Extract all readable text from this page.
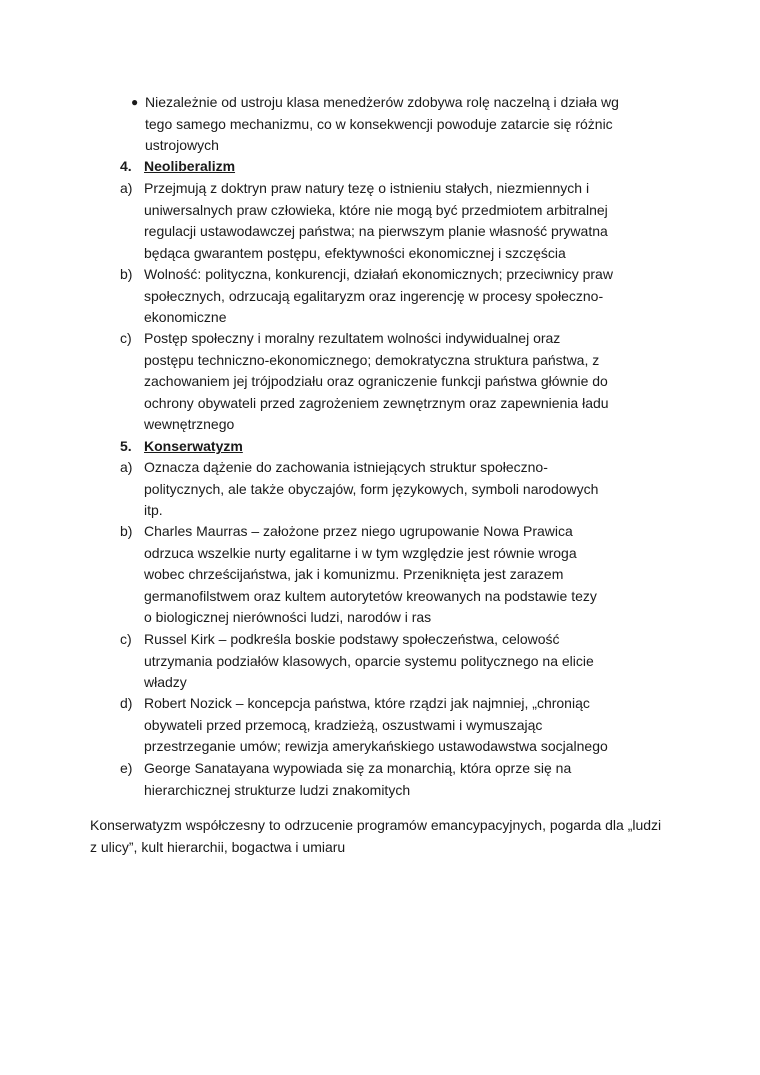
● Niezależnie od ustroju klasa menedżerów zdobywa rolę naczelną i działa wg
tego samego mechanizmu, co w konsekwencji powoduje zatarcie się różnic
ustrojowych
4. Neoliberalizm
a) Przejmują z doktryn praw natury tezę o istnieniu stałych, niezmiennych i
uniwersalnych praw człowieka, które nie mogą być przedmiotem arbitralnej
regulacji ustawodawczej państwa; na pierwszym planie własność prywatna
będąca gwarantem postępu, efektywności ekonomicznej i szczęścia
b) Wolność: polityczna, konkurencji, działań ekonomicznych; przeciwnicy praw
społecznych, odrzucają egalitaryzm oraz ingerencję w procesy społeczno-
ekonomiczne
c) Postęp społeczny i moralny rezultatem wolności indywidualnej oraz
postępu techniczno-ekonomicznego; demokratyczna struktura państwa, z
zachowaniem jej trójpodziału oraz ograniczenie funkcji państwa głównie do
ochrony obywateli przed zagrożeniem zewnętrznym oraz zapewnienia ładu
wewnętrznego
5. Konserwatyzm
a) Oznacza dążenie do zachowania istniejących struktur społeczno-
politycznych, ale także obyczajów, form językowych, symboli narodowych
itp.
b) Charles Maurras – założone przez niego ugrupowanie Nowa Prawica
odrzuca wszelkie nurty egalitarne i w tym względzie jest równie wroga
wobec chrześcijaństwa, jak i komunizmu. Przeniknięta jest zarazem
germanofilstwem oraz kultem autorytetów kreowanych na podstawie tezy
o biologicznej nierówności ludzi, narodów i ras
c) Russel Kirk – podkreśla boskie podstawy społeczeństwa, celowość
utrzymania podziałów klasowych, oparcie systemu politycznego na elicie
władzy
d) Robert Nozick – koncepcja państwa, które rządzi jak najmniej, „chroniąc
obywateli przed przemocą, kradzieżą, oszustwami i wymuszając
przestrzeganie umów; rewizja amerykańskiego ustawodawstwa socjalnego
e) George Sanatayana wypowiada się za monarchią, która oprze się na
hierarchicznej strukturze ludzi znakomitych
Konserwatyzm współczesny to odrzucenie programów emancypacyjnych, pogarda dla „ludzi
z ulicy”, kult hierarchii, bogactwa i umiaru
